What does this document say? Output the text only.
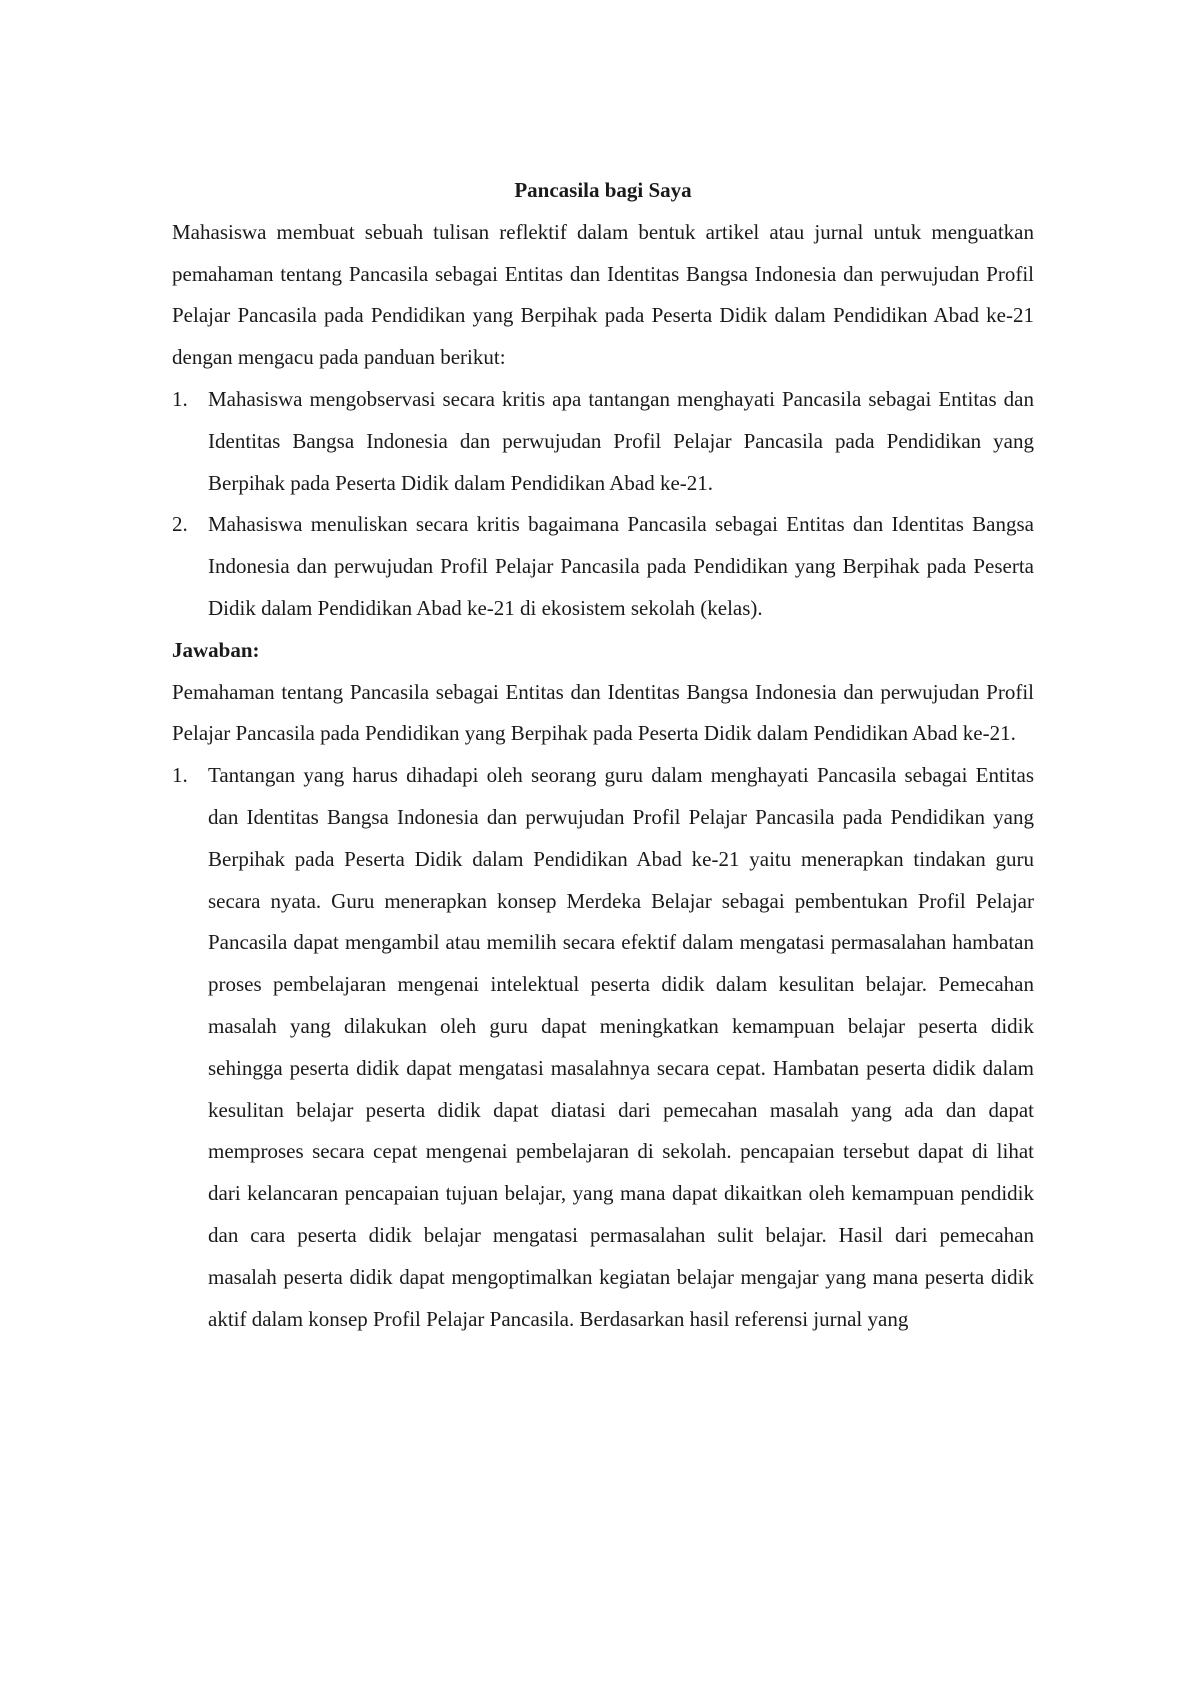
Pancasila bagi Saya

Mahasiswa membuat sebuah tulisan reflektif dalam bentuk artikel atau jurnal untuk menguatkan pemahaman tentang Pancasila sebagai Entitas dan Identitas Bangsa Indonesia dan perwujudan Profil Pelajar Pancasila pada Pendidikan yang Berpihak pada Peserta Didik dalam Pendidikan Abad ke-21 dengan mengacu pada panduan berikut:

1. Mahasiswa mengobservasi secara kritis apa tantangan menghayati Pancasila sebagai Entitas dan Identitas Bangsa Indonesia dan perwujudan Profil Pelajar Pancasila pada Pendidikan yang Berpihak pada Peserta Didik dalam Pendidikan Abad ke-21.
2. Mahasiswa menuliskan secara kritis bagaimana Pancasila sebagai Entitas dan Identitas Bangsa Indonesia dan perwujudan Profil Pelajar Pancasila pada Pendidikan yang Berpihak pada Peserta Didik dalam Pendidikan Abad ke-21 di ekosistem sekolah (kelas).

Jawaban:

Pemahaman tentang Pancasila sebagai Entitas dan Identitas Bangsa Indonesia dan perwujudan Profil Pelajar Pancasila pada Pendidikan yang Berpihak pada Peserta Didik dalam Pendidikan Abad ke-21.

1. Tantangan yang harus dihadapi oleh seorang guru dalam menghayati Pancasila sebagai Entitas dan Identitas Bangsa Indonesia dan perwujudan Profil Pelajar Pancasila pada Pendidikan yang Berpihak pada Peserta Didik dalam Pendidikan Abad ke-21 yaitu menerapkan tindakan guru secara nyata. Guru menerapkan konsep Merdeka Belajar sebagai pembentukan Profil Pelajar Pancasila dapat mengambil atau memilih secara efektif dalam mengatasi permasalahan hambatan proses pembelajaran mengenai intelektual peserta didik dalam kesulitan belajar. Pemecahan masalah yang dilakukan oleh guru dapat meningkatkan kemampuan belajar peserta didik sehingga peserta didik dapat mengatasi masalahnya secara cepat. Hambatan peserta didik dalam kesulitan belajar peserta didik dapat diatasi dari pemecahan masalah yang ada dan dapat memproses secara cepat mengenai pembelajaran di sekolah. pencapaian tersebut dapat di lihat dari kelancaran pencapaian tujuan belajar, yang mana dapat dikaitkan oleh kemampuan pendidik dan cara peserta didik belajar mengatasi permasalahan sulit belajar. Hasil dari pemecahan masalah peserta didik dapat mengoptimalkan kegiatan belajar mengajar yang mana peserta didik aktif dalam konsep Profil Pelajar Pancasila. Berdasarkan hasil referensi jurnal yang
